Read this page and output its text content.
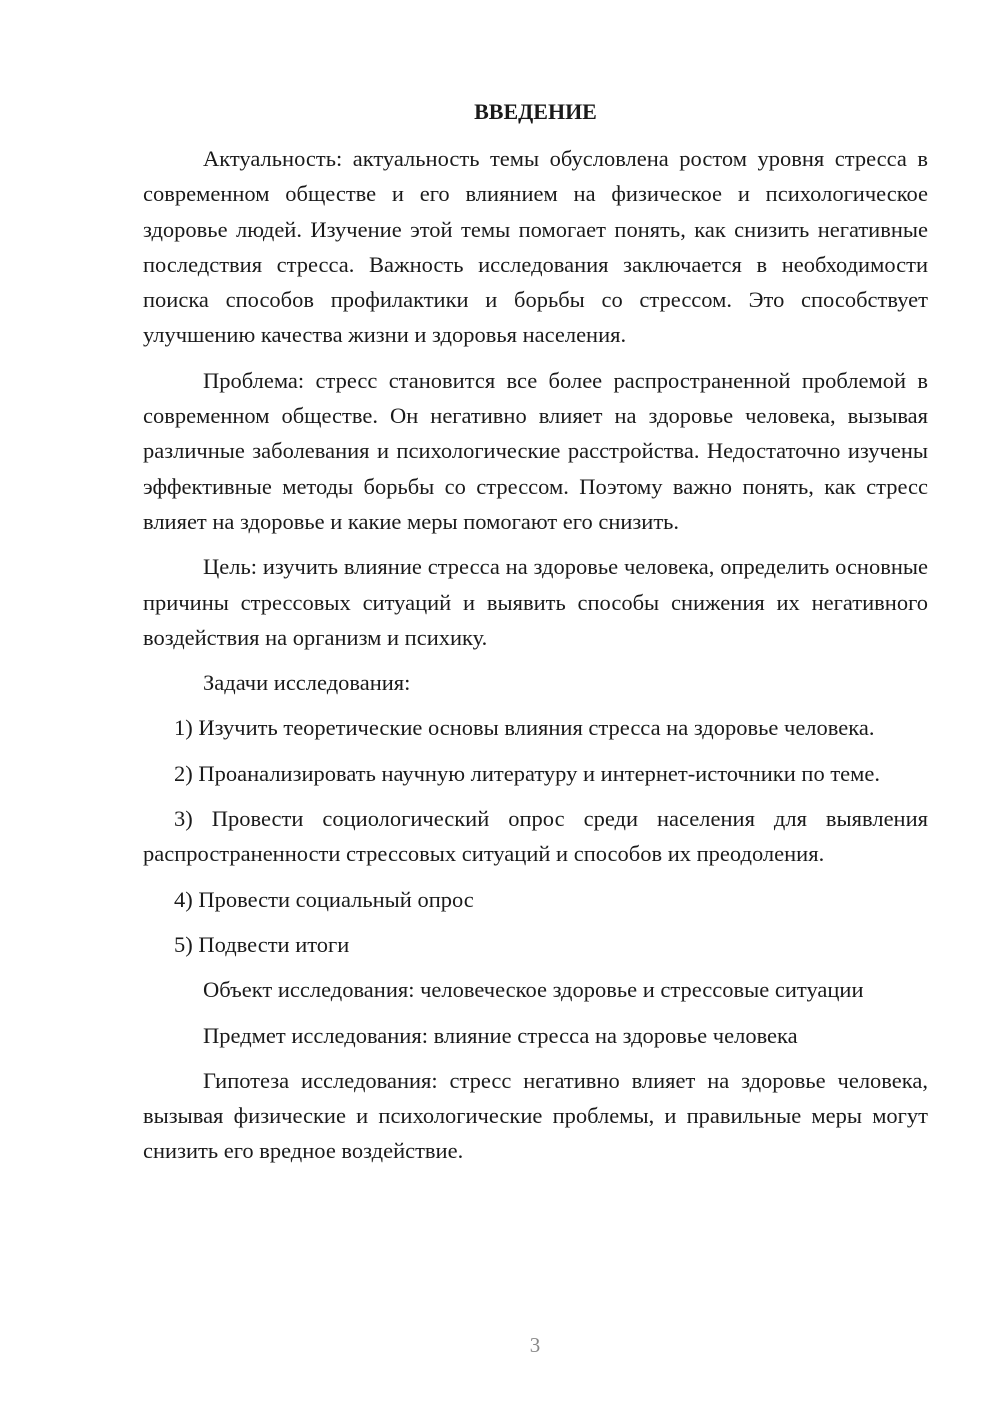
ВВЕДЕНИЕ

Актуальность: актуальность темы обусловлена ростом уровня стресса в современном обществе и его влиянием на физическое и психологическое здоровье людей. Изучение этой темы помогает понять, как снизить негативные последствия стресса. Важность исследования заключается в необходимости поиска способов профилактики и борьбы со стрессом. Это способствует улучшению качества жизни и здоровья населения.

Проблема: стресс становится все более распространенной проблемой в современном обществе. Он негативно влияет на здоровье человека, вызывая различные заболевания и психологические расстройства. Недостаточно изучены эффективные методы борьбы со стрессом. Поэтому важно понять, как стресс влияет на здоровье и какие меры помогают его снизить.

Цель: изучить влияние стресса на здоровье человека, определить основные причины стрессовых ситуаций и выявить способы снижения их негативного воздействия на организм и психику.

Задачи исследования:

1) Изучить теоретические основы влияния стресса на здоровье человека.

2) Проанализировать научную литературу и интернет-источники по теме.

3) Провести социологический опрос среди населения для выявления распространенности стрессовых ситуаций и способов их преодоления.

4) Провести социальный опрос

5) Подвести итоги

Объект исследования: человеческое здоровье и стрессовые ситуации

Предмет исследования: влияние стресса на здоровье человека

Гипотеза исследования: стресс негативно влияет на здоровье человека, вызывая физические и психологические проблемы, и правильные меры могут снизить его вредное воздействие.

3
